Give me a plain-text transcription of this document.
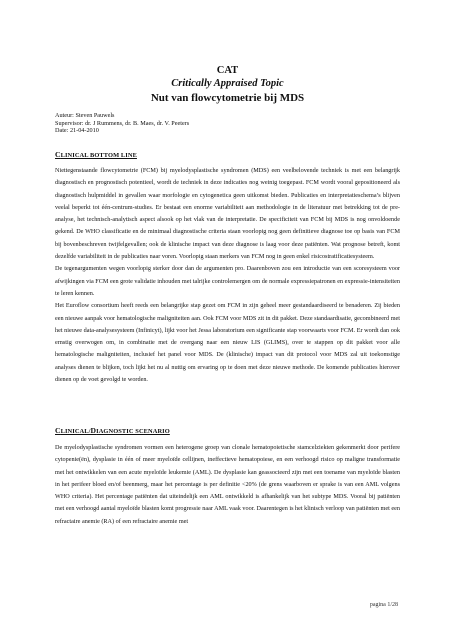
CAT
Critically Appraised Topic
Nut van flowcytometrie bij MDS
Auteur: Steven Pauwels
Supervisor: dr. J Rummens, dr. B. Maes, dr. V. Peeters
Date: 21-04-2010
CLINICAL BOTTOM LINE
Niettegenstaande flowcytometrie (FCM) bij myelodysplastische syndromen (MDS) een veelbelovende techniek is met een belangrijk diagnostisch en prognostisch potentieel, wordt de techniek in deze indicaties nog weinig toegepast. FCM wordt vooral gepositioneerd als diagnostisch hulpmiddel in gevallen waar morfologie en cytogenetica geen uitkomst bieden. Publicaties en interpretatieschema’s blijven veelal beperkt tot één-centrum-studies. Er bestaat een enorme variabiliteit aan methodologie in de literatuur met betrekking tot de pre-analyse, het technisch-analytisch aspect alsook op het vlak van de interpretatie. De specificiteit van FCM bij MDS is nog onvoldoende gekend. De WHO classificatie en de minimaal diagnostische criteria staan voorlopig nog geen definitieve diagnose toe op basis van FCM bij bovenbeschreven twijfelgevallen; ook de klinische impact van deze diagnose is laag voor deze patiënten. Wat prognose betreft, komt dezelfde variabiliteit in de publicaties naar voren. Voorlopig staan merkers van FCM nog in geen enkel risicostratificatiesysteem.
De tegenargumenten wegen voorlopig sterker door dan de argumenten pro. Daarenboven zou een introductie van een scoresysteem voor afwijkingen via FCM een grote validatie inhouden met talrijke controlemergen om de normale expressiepatronen en expressie-intensiteiten te leren kennen.
Het Euroflow consortium heeft reeds een belangrijke stap gezet om FCM in zijn geheel meer gestandaardiseerd te benaderen. Zij bieden een nieuwe aanpak voor hematologische maligniteiten aan. Ook FCM voor MDS zit in dit pakket. Deze standaardisatie, gecombineerd met het nieuwe data-analysesysteem (Infinicyt), lijkt voor het Jessa laboratorium een significante stap voorwaarts voor FCM. Er wordt dan ook ernstig overwogen om, in combinatie met de overgang naar een nieuw LIS (GLIMS), over te stappen op dit pakket voor alle hematologische maligniteiten, inclusief het panel voor MDS. De (klinische) impact van dit protocol voor MDS zal uit toekomstige analyses dienen te blijken, toch lijkt het nu al nuttig om ervaring op te doen met deze nieuwe methode. De komende publicaties hierover dienen op de voet gevolgd te worden.
CLINICAL/DIAGNOSTIC SCENARIO
De myelodysplastische syndromen vormen een heterogene groep van clonale hematopoietische stamcelziekten gekenmerkt door perifere cytopenie(ën), dysplasie in één of meer myeloïde cellijnen, ineffectieve hematopoiese, en een verhoogd risico op maligne transformatie met het ontwikkelen van een acute myeloïde leukemie (AML). De dysplasie kan geassocieerd zijn met een toename van myeloïde blasten in het perifeer bloed en/of beenmerg, maar het percentage is per definitie <20% (de grens waarboven er sprake is van een AML volgens WHO criteria). Het percentage patiënten dat uiteindelijk een AML ontwikkeld is afhankelijk van het subtype MDS. Vooral bij patiënten met een verhoogd aantal myeloïde blasten komt progressie naar AML vaak voor. Daarentegen is het klinisch verloop van patiënten met een refractaire anemie (RA) of een refractaire anemie met
pagina 1/28
